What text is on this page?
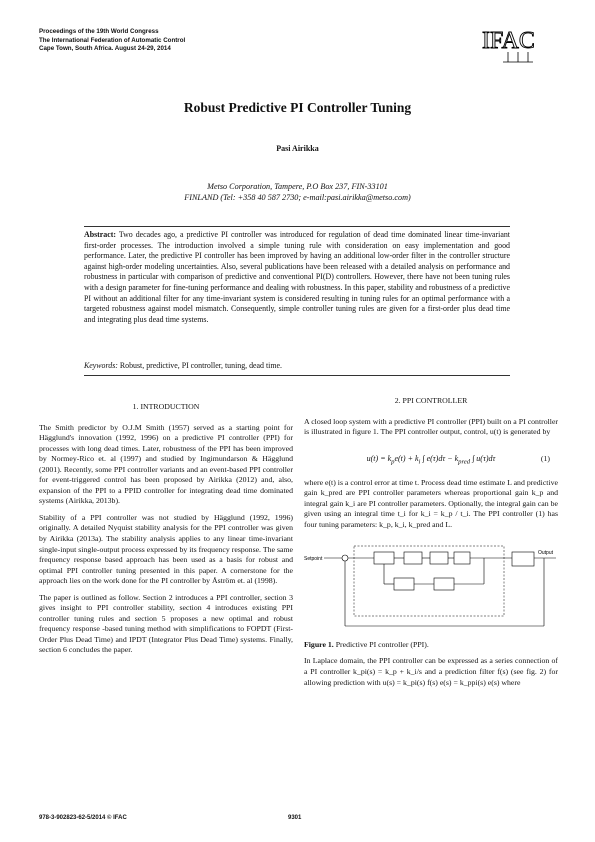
Proceedings of the 19th World Congress
The International Federation of Automatic Control
Cape Town, South Africa. August 24-29, 2014	IFAC
Robust Predictive PI Controller Tuning
Pasi Airikka
Metso Corporation, Tampere, P.O Box 237, FIN-33101
FINLAND (Tel: +358 40 587 2730; e-mail:pasi.airikka@metso.com)
Abstract: Two decades ago, a predictive PI controller was introduced for regulation of dead time dominated linear time-invariant first-order processes. The introduction involved a simple tuning rule with consideration on easy implementation and good performance. Later, the predictive PI controller has been improved by having an additional low-order filter in the controller structure against high-order modeling uncertainties. Also, several publications have been released with a detailed analysis on performance and robustness in particular with comparison of predictive and conventional PI(D) controllers. However, there have not been tuning rules with a design parameter for fine-tuning performance and dealing with robustness. In this paper, stability and robustness of a predictive PI without an additional filter for any time-invariant system is considered resulting in tuning rules for an optimal performance with a targeted robustness against model mismatch. Consequently, simple controller tuning rules are given for a first-order plus dead time and integrating plus dead time systems.
Keywords: Robust, predictive, PI controller, tuning, dead time.
1. INTRODUCTION
The Smith predictor by O.J.M Smith (1957) served as a starting point for Hägglund's innovation (1992, 1996) on a predictive PI controller (PPI) for processes with long dead times. Later, robustness of the PPI has been improved by Normey-Rico et. al (1997) and studied by Ingimundarson & Hägglund (2001). Recently, some PPI controller variants and an event-based PPI controller for event-triggered control has been proposed by Airikka (2012) and, also, expansion of the PPI to a PPID controller for integrating dead time dominated systems (Airikka, 2013b).
Stability of a PPI controller was not studied by Hägglund (1992, 1996) originally. A detailed Nyquist stability analysis for the PPI controller was given by Airikka (2013a). The stability analysis applies to any linear time-invariant single-input single-output process expressed by its frequency response. The same frequency response based approach has been used as a basis for robust and optimal PPI controller tuning presented in this paper. A cornerstone for the approach lies on the work done for the PI controller by Åström et. al (1998).
The paper is outlined as follow. Section 2 introduces a PPI controller, section 3 gives insight to PPI controller stability, section 4 introduces existing PPI controller tuning rules and section 5 proposes a new optimal and robust frequency response -based tuning method with simplifications to FOPDT (First-Order Plus Dead Time) and IPDT (Integrator Plus Dead Time) systems. Finally, section 6 concludes the paper.
2. PPI CONTROLLER
A closed loop system with a predictive PI controller (PPI) built on a PI controller is illustrated in figure 1. The PPI controller output, control, u(t) is generated by
$u(t) = k_pe(t) + k_i$ ∫ $e(\tau)d\tau - k_{pred}$ ∫ u(τ)dτ	(1)
where e(t) is a control error at time t. Process dead time estimate L and predictive gain k_pred are PPI controller parameters whereas proportional gain k_p and integral gain k_i are PI controller parameters. Optionally, the integral gain can be given using an integral time t_i for k_i = k_p / t_i. The PPI controller (1) has four tuning parameters: k_p, k_i, k_pred and L.
Setpoint
Output
Figure 1. Predictive PI controller (PPI).
In Laplace domain, the PPI controller can be expressed as a series connection of a PI controller k_pi(s) = k_p + k_i/s and a prediction filter f(s) (see fig. 2) for allowing prediction with u(s) = k_pi(s) f(s) e(s) = k_ppi(s) e(s) where
978-3-902823-62-5/2014 © IFAC	9301
